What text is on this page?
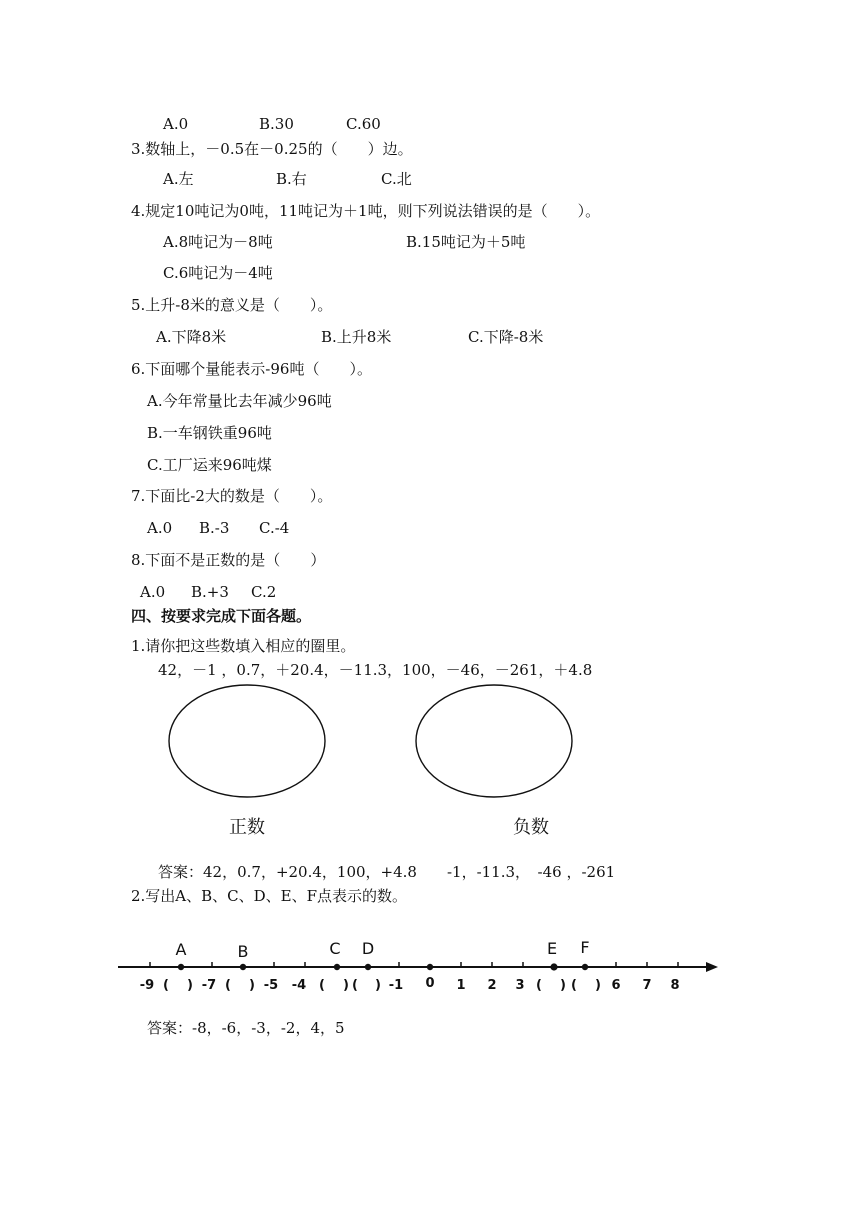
A.0	B.30	C.60
3.数轴上，－0.5在－0.25的（　　）边。
A.左	B.右	C.北
4.规定10吨记为0吨，11吨记为＋1吨，则下列说法错误的是（　　）。
A.8吨记为－8吨	B.15吨记为＋5吨
C.6吨记为－4吨
5.上升-8米的意义是（　　）。
A.下降8米	B.上升8米	C.下降-8米
6.下面哪个量能表示-96吨（　　）。
A.今年常量比去年减少96吨
B.一车钢铁重96吨
C.工厂运来96吨煤
7.下面比-2大的数是（　　）。
A.0 B.-3 C.-4
8.下面不是正数的是（　　）
A.0 B.+3 C.2
四、按要求完成下面各题。
1.请你把这些数填入相应的圈里。
42，－1 ，0.7，＋20.4，－11.3，100，－46，－261，＋4.8
正数	负数
答案：42，0.7，+20.4，100，+4.8　　-1，-11.3，　-46 ，-261
2.写出A、B、C、D、E、F点表示的数。
A	B	C D	E F
-9 ( ) -7 ( ) -5 -4 ( ) ( ) -1 0 1 2 3 ( ) ( ) 6 7 8
答案：-8，-6，-3，-2，4，5
